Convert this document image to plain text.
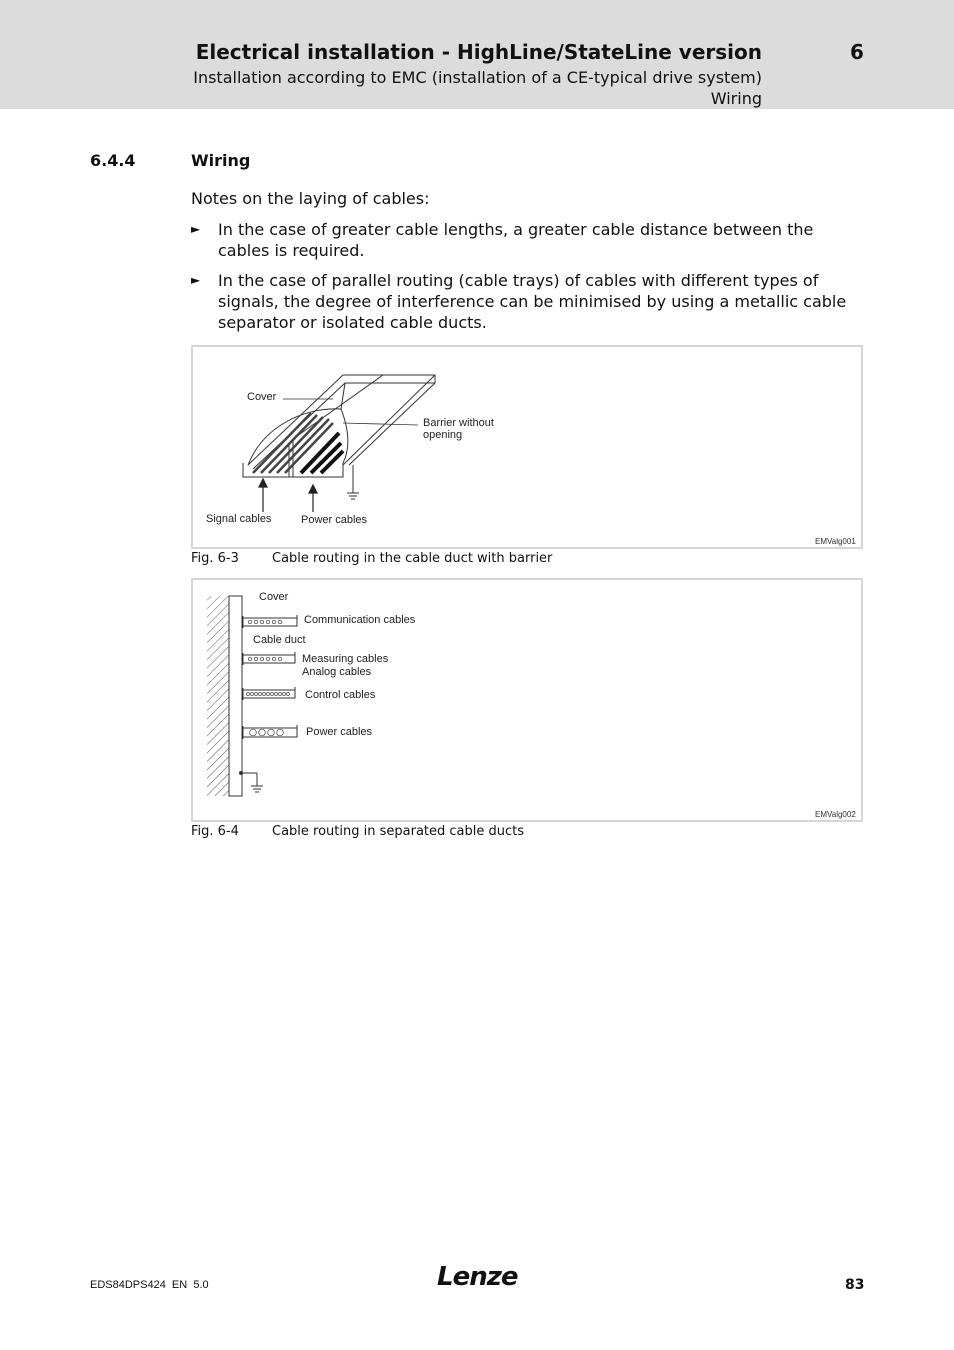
Electrical installation - HighLine/StateLine version	6
Installation according to EMC (installation of a CE-typical drive system)
Wiring
6.4.4	Wiring
Notes on the laying of cables:
► In the case of greater cable lengths, a greater cable distance between the cables is required.
► In the case of parallel routing (cable trays) of cables with different types of signals, the degree of interference can be minimised by using a metallic cable separator or isolated cable ducts.
Cover
Barrier without
opening
Signal cables	Power cables
EMValg001
Fig. 6-3	Cable routing in the cable duct with barrier
Cover
Communication cables
Cable duct
Measuring cables
Analog cables
Control cables
Power cables
EMValg002
Fig. 6-4	Cable routing in separated cable ducts
EDS84DPS424  EN  5.0	Lenze	83
